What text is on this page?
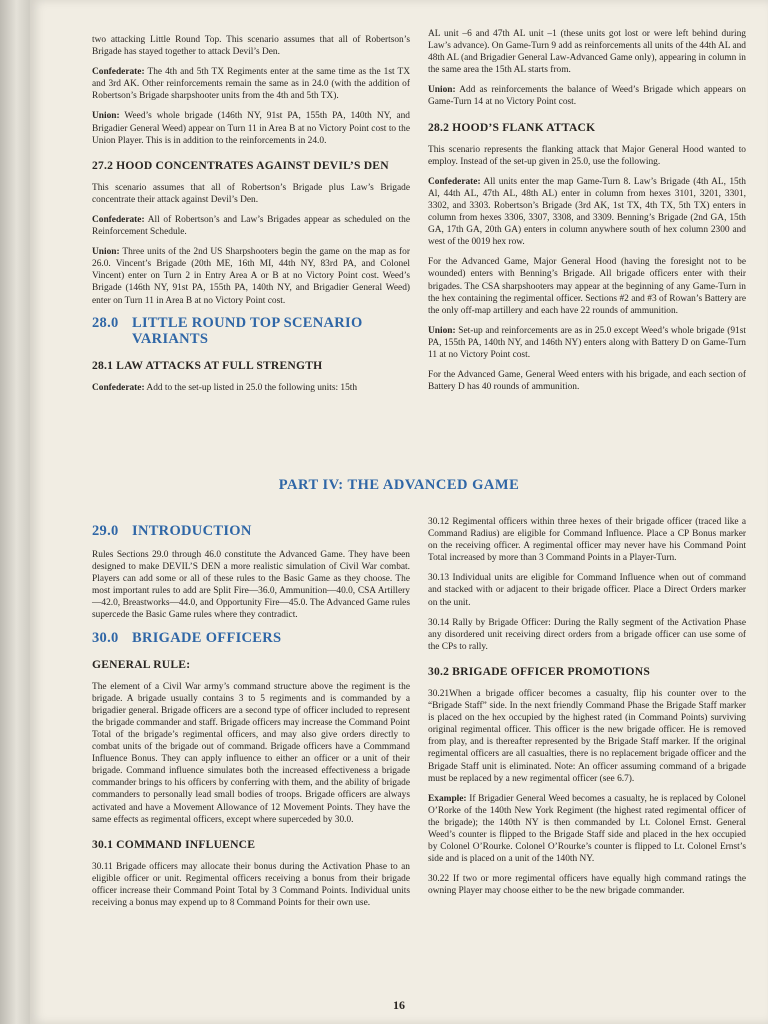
two attacking Little Round Top. This scenario assumes that all of Robertson’s Brigade has stayed together to attack Devil’s Den.

Confederate: The 4th and 5th TX Regiments enter at the same time as the 1st TX and 3rd AK. Other reinforcements remain the same as in 24.0 (with the addition of Robertson’s Brigade sharpshooter units from the 4th and 5th TX).

Union: Weed’s whole brigade (146th NY, 91st PA, 155th PA, 140th NY, and Brigadier General Weed) appear on Turn 11 in Area B at no Victory Point cost to the Union Player. This is in addition to the reinforcements in 24.0.

27.2 HOOD CONCENTRATES AGAINST DEVIL’S DEN

This scenario assumes that all of Robertson’s Brigade plus Law’s Brigade concentrate their attack against Devil’s Den.

Confederate: All of Robertson’s and Law’s Brigades appear as scheduled on the Reinforcement Schedule.

Union: Three units of the 2nd US Sharpshooters begin the game on the map as for 26.0. Vincent’s Brigade (20th ME, 16th MI, 44th NY, 83rd PA, and Colonel Vincent) enter on Turn 2 in Entry Area A or B at no Victory Point cost. Weed’s Brigade (146th NY, 91st PA, 155th PA, 140th NY, and Brigadier General Weed) enter on Turn 11 in Area B at no Victory Point cost.

28.0 LITTLE ROUND TOP SCENARIO
VARIANTS
28.1 LAW ATTACKS AT FULL STRENGTH

Confederate: Add to the set-up listed in 25.0 the following units: 15th

AL unit –6 and 47th AL unit –1 (these units got lost or were left behind during Law’s advance). On Game-Turn 9 add as reinforcements all units of the 44th AL and 48th AL (and Brigadier General Law-Advanced Game only), appearing in column in the same area the 15th AL starts from.

Union: Add as reinforcements the balance of Weed’s Brigade which appears on Game-Turn 14 at no Victory Point cost.

28.2 HOOD’S FLANK ATTACK

This scenario represents the flanking attack that Major General Hood wanted to employ. Instead of the set-up given in 25.0, use the following.

Confederate: All units enter the map Game-Turn 8. Law’s Brigade (4th AL, 15th Al, 44th AL, 47th AL, 48th AL) enter in column from hexes 3101, 3201, 3301, 3302, and 3303. Robertson’s Brigade (3rd AK, 1st TX, 4th TX, 5th TX) enters in column from hexes 3306, 3307, 3308, and 3309. Benning’s Brigade (2nd GA, 15th GA, 17th GA, 20th GA) enters in column anywhere south of hex column 2300 and west of the 0019 hex row.

For the Advanced Game, Major General Hood (having the foresight not to be wounded) enters with Benning’s Brigade. All brigade officers enter with their brigades. The CSA sharpshooters may appear at the beginning of any Game-Turn in the hex containing the regimental officer. Sections #2 and #3 of Rowan’s Battery are the only off-map artillery and each have 22 rounds of ammunition.

Union: Set-up and reinforcements are as in 25.0 except Weed’s whole brigade (91st PA, 155th PA, 140th NY, and 146th NY) enters along with Battery D on Game-Turn 11 at no Victory Point cost.

For the Advanced Game, General Weed enters with his brigade, and each section of Battery D has 40 rounds of ammunition.

PART IV: THE ADVANCED GAME
29.0 INTRODUCTION

Rules Sections 29.0 through 46.0 constitute the Advanced Game. They have been designed to make DEVIL’S DEN a more realistic simulation of Civil War combat. Players can add some or all of these rules to the Basic Game as they choose. The most important rules to add are Split Fire—36.0, Ammunition—40.0, CSA Artillery—42.0, Breastworks—44.0, and Opportunity Fire—45.0. The Advanced Game rules supercede the Basic Game rules where they contradict.

30.0 BRIGADE OFFICERS
GENERAL RULE:

The element of a Civil War army’s command structure above the regiment is the brigade. A brigade usually contains 3 to 5 regiments and is commanded by a brigadier general. Brigade officers are a second type of officer included to represent the brigade commander and staff. Brigade officers may increase the Command Point Total of the brigade’s regimental officers, and may also give orders directly to combat units of the brigade out of command. Brigade officers have a Commmand Influence Bonus. They can apply influence to either an officer or a unit of their brigade. Command influence simulates both the increased effectiveness a brigade commander brings to his officers by conferring with them, and the ability of brigade commanders to personally lead small bodies of troops. Brigade officers are always activated and have a Movement Allowance of 12 Movement Points. They have the same effects as regimental officers, except where superceded by 30.0.

30.1 COMMAND INFLUENCE

30.11 Brigade officers may allocate their bonus during the Activation Phase to an eligible officer or unit. Regimental officers receiving a bonus from their brigade officer increase their Command Point Total by 3 Command Points. Individual units receiving a bonus may expend up to 8 Command Points for their own use.

30.12 Regimental officers within three hexes of their brigade officer (traced like a Command Radius) are eligible for Command Influence. Place a CP Bonus marker on the receiving officer. A regimental officer may never have his Command Point Total increased by more than 3 Command Points in a Player-Turn.

30.13 Individual units are eligible for Command Influence when out of command and stacked with or adjacent to their brigade officer. Place a Direct Orders marker on the unit.

30.14 Rally by Brigade Officer: During the Rally segment of the Activation Phase any disordered unit receiving direct orders from a brigade officer can use some of the CPs to rally.

30.2 BRIGADE OFFICER PROMOTIONS

30.21When a brigade officer becomes a casualty, flip his counter over to the “Brigade Staff” side. In the next friendly Command Phase the Brigade Staff marker is placed on the hex occupied by the highest rated (in Command Points) surviving original regimental officer. This officer is the new brigade officer. He is removed from play, and is thereafter represented by the Brigade Staff marker. If the original regimental officers are all casualties, there is no replacement brigade officer and the Brigade Staff unit is eliminated. Note: An officer assuming command of a brigade must be replaced by a new regimental officer (see 6.7).

Example: If Brigadier General Weed becomes a casualty, he is replaced by Colonel O’Rorke of the 140th New York Regiment (the highest rated regimental officer of the brigade); the 140th NY is then commanded by Lt. Colonel Ernst. General Weed’s counter is flipped to the Brigade Staff side and placed in the hex occupied by Colonel O’Rourke. Colonel O’Rourke’s counter is flipped to Lt. Colonel Ernst’s side and is placed on a unit of the 140th NY.

30.22 If two or more regimental officers have equally high command ratings the owning Player may choose either to be the new brigade commander.

16
